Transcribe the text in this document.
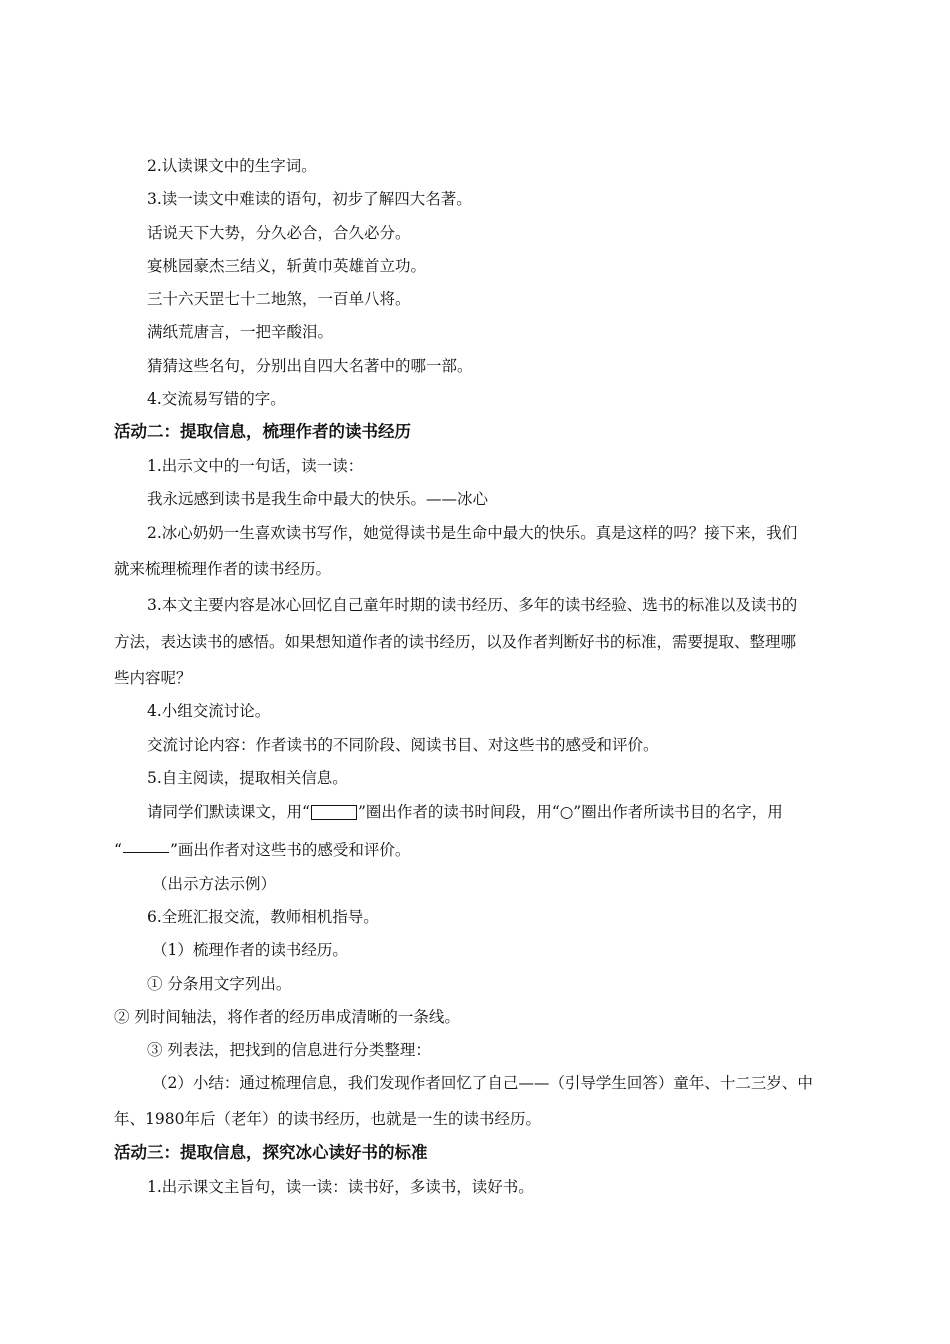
2.认读课文中的生字词。
3.读一读文中难读的语句，初步了解四大名著。
话说天下大势，分久必合，合久必分。
宴桃园豪杰三结义，斩黄巾英雄首立功。
三十六天罡七十二地煞，一百单八将。
满纸荒唐言，一把辛酸泪。
猜猜这些名句，分别出自四大名著中的哪一部。
4.交流易写错的字。
活动二：提取信息，梳理作者的读书经历
1.出示文中的一句话，读一读：
我永远感到读书是我生命中最大的快乐。——冰心
2.冰心奶奶一生喜欢读书写作，她觉得读书是生命中最大的快乐。真是这样的吗？接下来，我们
就来梳理梳理作者的读书经历。
3.本文主要内容是冰心回忆自己童年时期的读书经历、多年的读书经验、选书的标准以及读书的
方法，表达读书的感悟。如果想知道作者的读书经历，以及作者判断好书的标准，需要提取、整理哪
些内容呢？
4.小组交流讨论。
交流讨论内容：作者读书的不同阶段、阅读书目、对这些书的感受和评价。
5.自主阅读，提取相关信息。
请同学们默读课文，用“	”圈出作者的读书时间段，用“○”圈出作者所读书目的名字，用
“	”画出作者对这些书的感受和评价。
（出示方法示例）
6.全班汇报交流，教师相机指导。
（1）梳理作者的读书经历。
① 分条用文字列出。
② 列时间轴法，将作者的经历串成清晰的一条线。
③ 列表法，把找到的信息进行分类整理：
（2）小结：通过梳理信息，我们发现作者回忆了自己——（引导学生回答）童年、十二三岁、中
年、1980年后（老年）的读书经历，也就是一生的读书经历。
活动三：提取信息，探究冰心读好书的标准
1.出示课文主旨句，读一读：读书好，多读书，读好书。
